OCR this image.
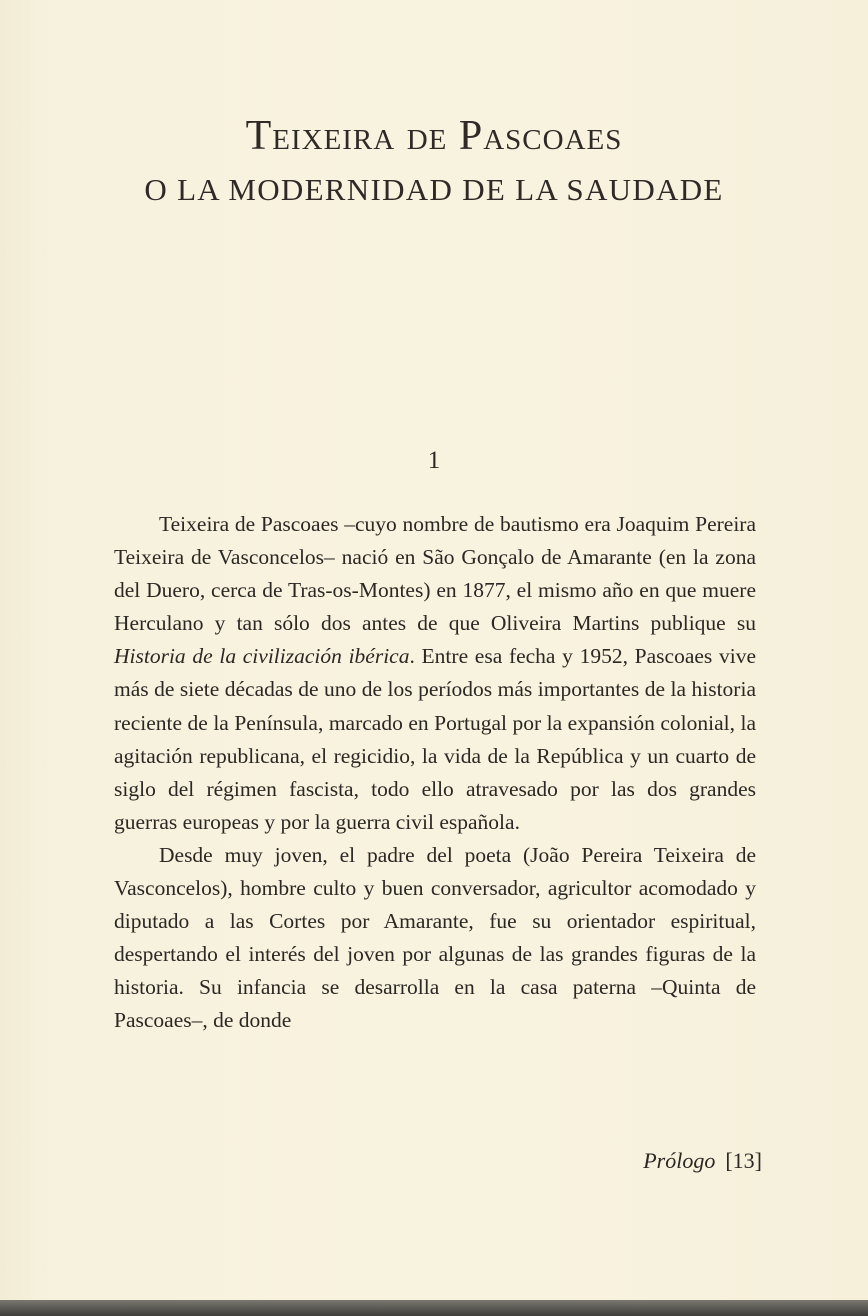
Teixeira de Pascoaes
O LA MODERNIDAD DE LA SAUDADE
1

Teixeira de Pascoaes –cuyo nombre de bautismo era Joaquim Pereira Teixeira de Vasconcelos– nació en São Gonçalo de Amarante (en la zona del Duero, cerca de Tras-os-Montes) en 1877, el mismo año en que muere Herculano y tan sólo dos antes de que Oliveira Martins publique su Historia de la civilización ibérica. Entre esa fecha y 1952, Pascoaes vive más de siete décadas de uno de los períodos más importantes de la historia reciente de la Península, marcado en Portugal por la expansión colonial, la agitación republicana, el regicidio, la vida de la República y un cuarto de siglo del régimen fascista, todo ello atravesado por las dos grandes guerras europeas y por la guerra civil española.

Desde muy joven, el padre del poeta (João Pereira Teixeira de Vasconcelos), hombre culto y buen conversador, agricultor acomodado y diputado a las Cortes por Amarante, fue su orientador espiritual, despertando el interés del joven por algunas de las grandes figuras de la historia. Su infancia se desarrolla en la casa paterna –Quinta de Pascoaes–, de donde

Prólogo [13]
